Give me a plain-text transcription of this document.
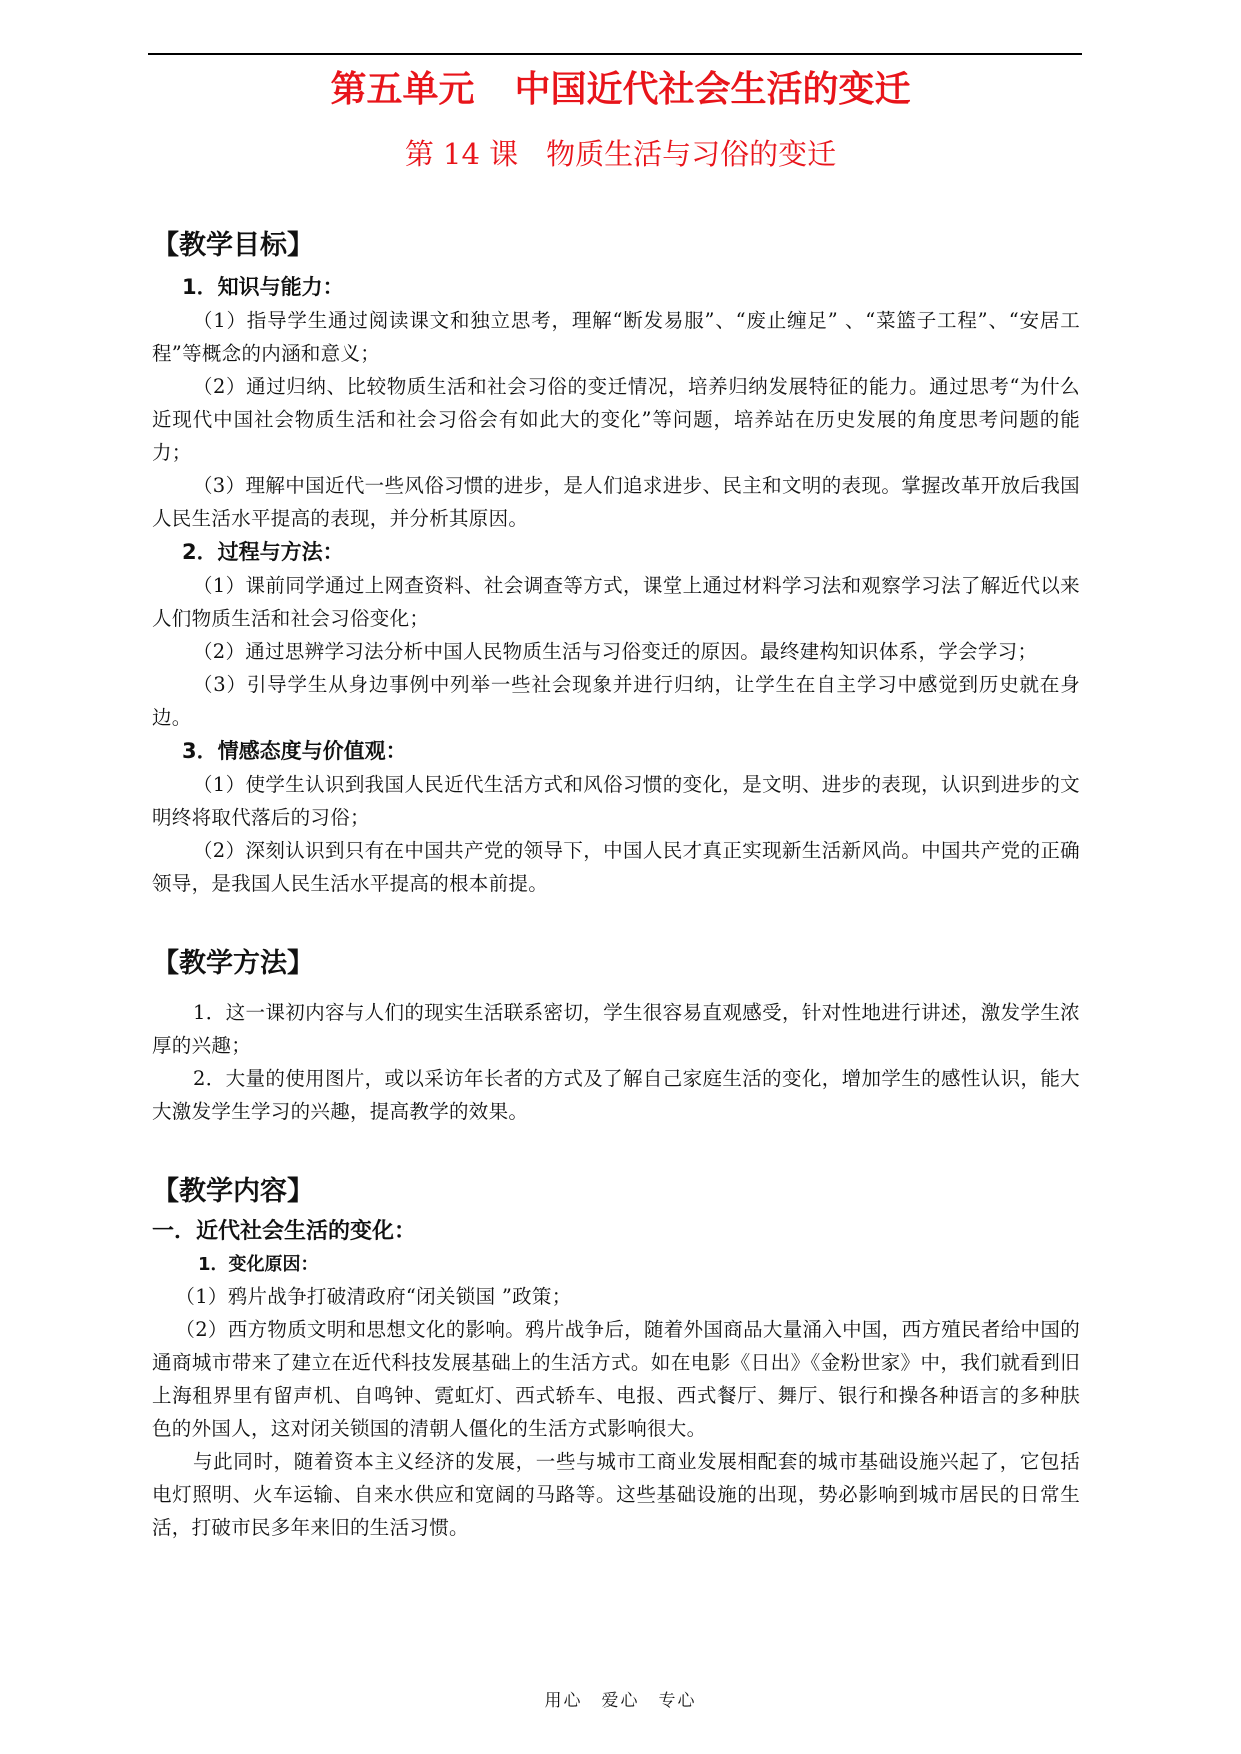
第五单元 中国近代社会生活的变迁
第 14 课 物质生活与习俗的变迁
【教学目标】
1．知识与能力：

（1）指导学生通过阅读课文和独立思考，理解“断发易服”、“废止缠足” 、“菜篮子工程”、“安居工程”等概念的内涵和意义；

（2）通过归纳、比较物质生活和社会习俗的变迁情况，培养归纳发展特征的能力。通过思考“为什么近现代中国社会物质生活和社会习俗会有如此大的变化”等问题，培养站在历史发展的角度思考问题的能力；

（3）理解中国近代一些风俗习惯的进步，是人们追求进步、民主和文明的表现。掌握改革开放后我国人民生活水平提高的表现，并分析其原因。

2．过程与方法：

（1）课前同学通过上网查资料、社会调查等方式，课堂上通过材料学习法和观察学习法了解近代以来人们物质生活和社会习俗变化；

（2）通过思辨学习法分析中国人民物质生活与习俗变迁的原因。最终建构知识体系，学会学习；

（3）引导学生从身边事例中列举一些社会现象并进行归纳，让学生在自主学习中感觉到历史就在身边。

3．情感态度与价值观：

（1）使学生认识到我国人民近代生活方式和风俗习惯的变化，是文明、进步的表现，认识到进步的文明终将取代落后的习俗；

（2）深刻认识到只有在中国共产党的领导下，中国人民才真正实现新生活新风尚。中国共产党的正确领导，是我国人民生活水平提高的根本前提。

【教学方法】

1．这一课初内容与人们的现实生活联系密切，学生很容易直观感受，针对性地进行讲述，激发学生浓厚的兴趣；

2．大量的使用图片，或以采访年长者的方式及了解自己家庭生活的变化，增加学生的感性认识，能大大激发学生学习的兴趣，提高教学的效果。

【教学内容】
一．近代社会生活的变化：
1．变化原因：

（1）鸦片战争打破清政府“闭关锁国 ”政策；

（2）西方物质文明和思想文化的影响。鸦片战争后，随着外国商品大量涌入中国，西方殖民者给中国的通商城市带来了建立在近代科技发展基础上的生活方式。如在电影《日出》《金粉世家》中，我们就看到旧上海租界里有留声机、自鸣钟、霓虹灯、西式轿车、电报、西式餐厅、舞厅、银行和操各种语言的多种肤色的外国人，这对闭关锁国的清朝人僵化的生活方式影响很大。

与此同时，随着资本主义经济的发展，一些与城市工商业发展相配套的城市基础设施兴起了，它包括电灯照明、火车运输、自来水供应和宽阔的马路等。这些基础设施的出现，势必影响到城市居民的日常生活，打破市民多年来旧的生活习惯。

用心　爱心　专心
